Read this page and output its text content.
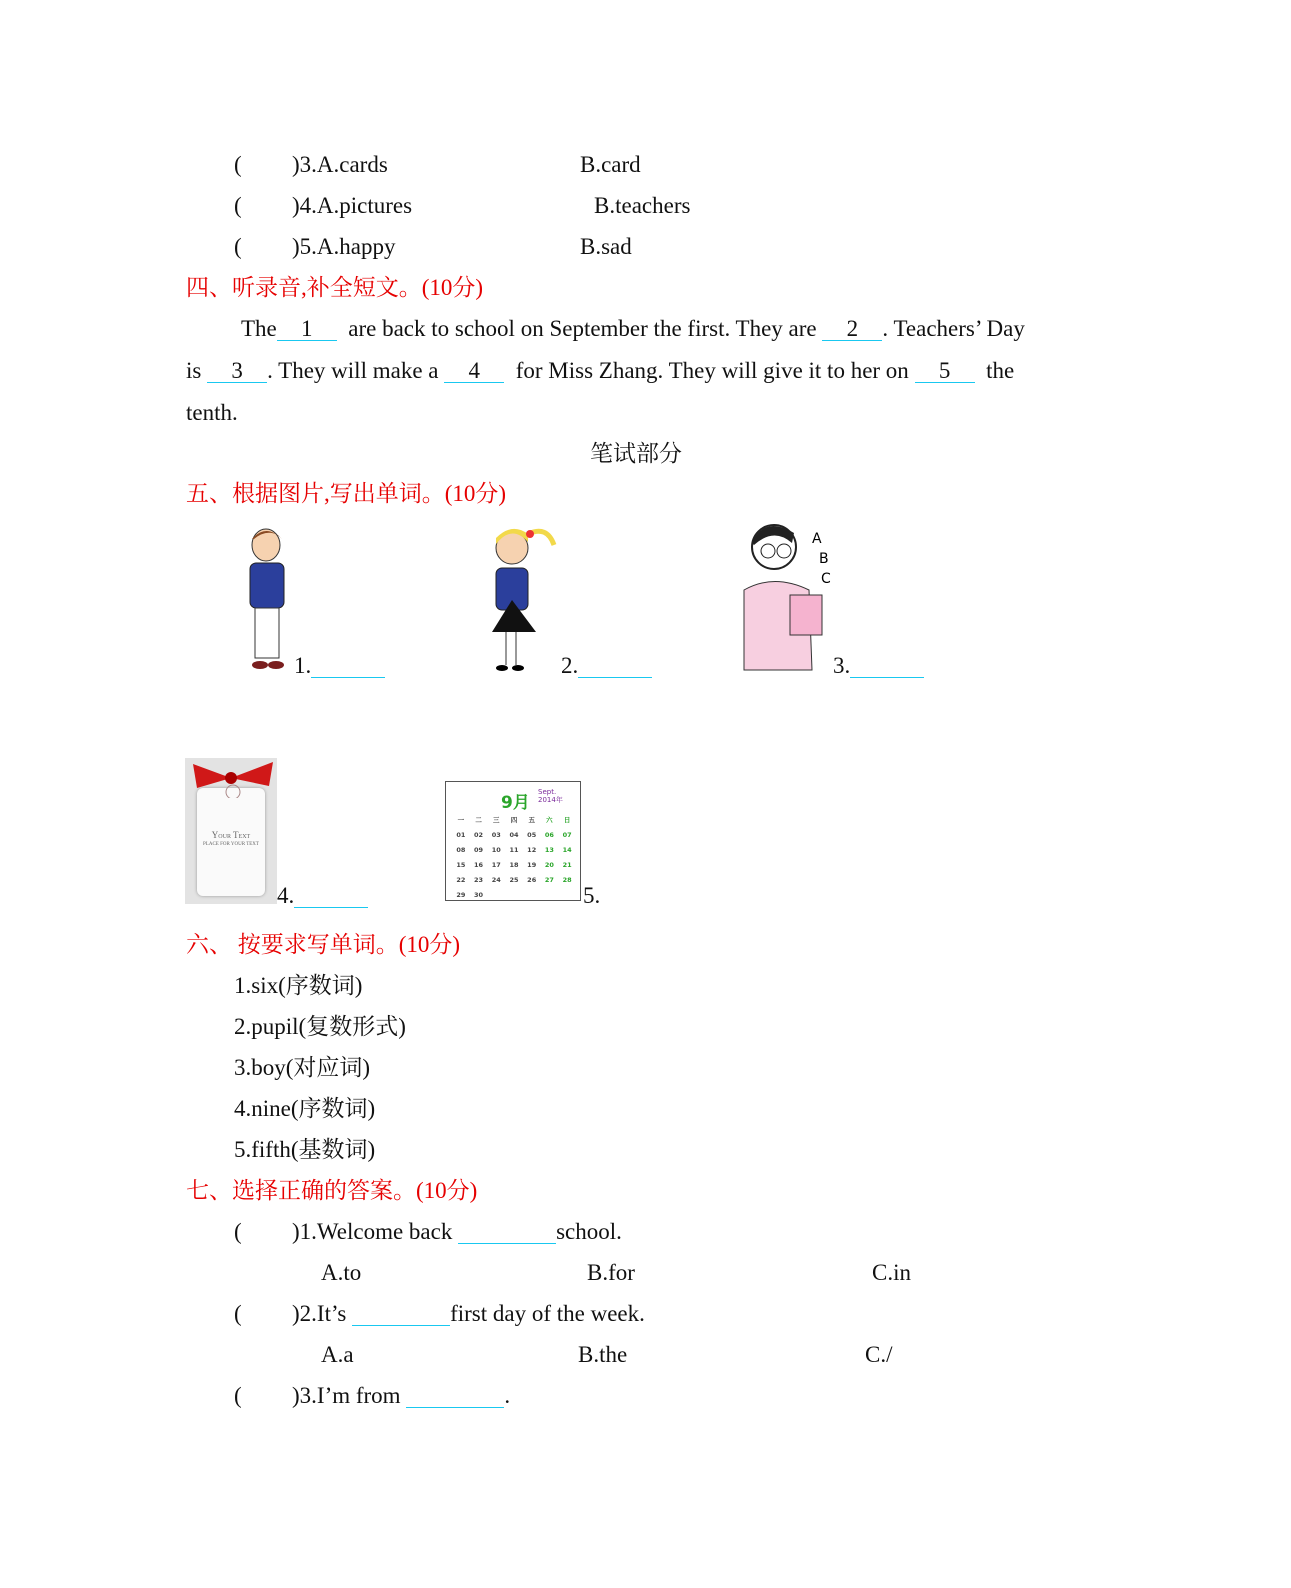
( )3.A.cards	B.card
( )4.A.pictures	B.teachers
( )5.A.happy	B.sad
四、听录音,补全短文。(10分)
The 1 are back to school on September the first. They are 2 . Teachers’ Day
is 3 . They will make a 4 for Miss Zhang. They will give it to her on 5 the
tenth.
笔试部分
五、根据图片,写出单词。(10分)
1.	2.
A
B
C
3.
Your Text
PLACE FOR YOUR TEXT
4.
9月
Sept. 2014年
一	二	三	四	五	六	日
01	02	03	04	05	06	07
08	09	10	11	12	13	14
15	16	17	18	19	20	21
22	23	24	25	26	27	28
29	30	5.
六、 按要求写单词。(10分)
1.six(序数词)
2.pupil(复数形式)
3.boy(对应词)
4.nine(序数词)
5.fifth(基数词)
七、选择正确的答案。(10分)
( )1.Welcome back	school.
A.to	B.for	C.in
( )2.It’s	first day of the week.
A.a	B.the	C./
( )3.I’m from	.
